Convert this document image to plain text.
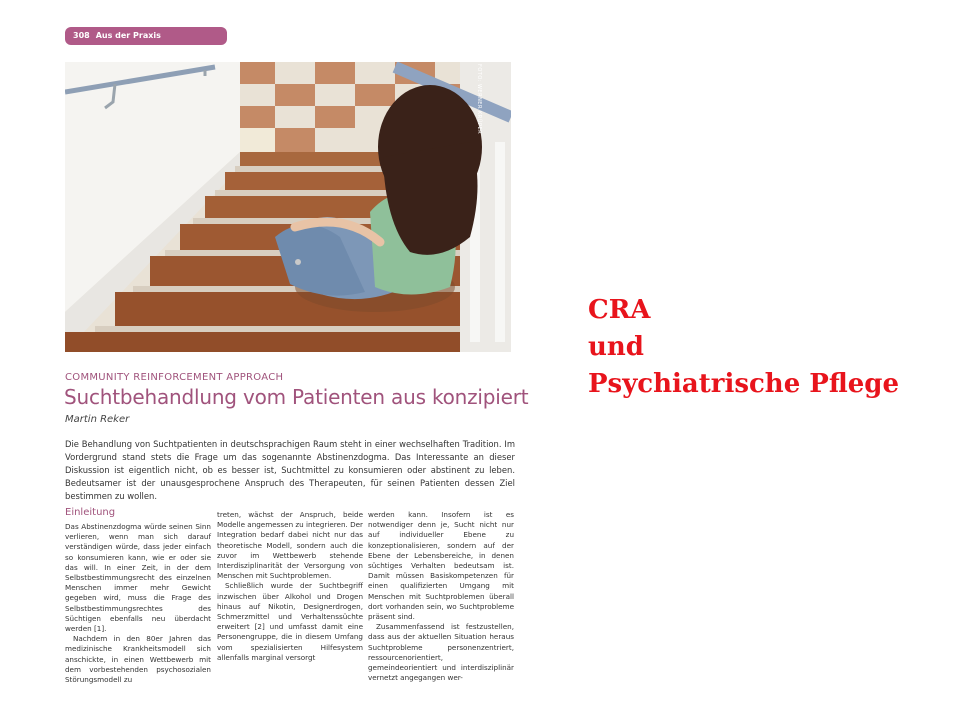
308 Aus der Praxis
FOTO: WERNER KRÜPER
COMMUNITY REINFORCEMENT APPROACH
Suchtbehandlung vom Patienten aus konzipiert
Martin Reker
Die Behandlung von Suchtpatienten in deutschsprachigen Raum steht in einer wechselhaften Tradition. Im Vordergrund stand stets die Frage um das sogenannte Abstinenzdogma. Das Interessante an dieser Diskussion ist eigentlich nicht, ob es besser ist, Suchtmittel zu konsumieren oder abstinent zu leben. Bedeutsamer ist der unausgesprochene Anspruch des Therapeuten, für seinen Patienten dessen Ziel bestimmen zu wollen.
Einleitung

Das Abstinenzdogma würde seinen Sinn verlieren, wenn man sich darauf verständigen würde, dass jeder einfach so konsumieren kann, wie er oder sie das will. In einer Zeit, in der dem Selbstbestimmungsrecht des einzelnen Menschen immer mehr Gewicht gegeben wird, muss die Frage des Selbstbestimmungsrechtes des Süchtigen ebenfalls neu überdacht werden [1].

Nachdem in den 80er Jahren das medizinische Krankheitsmodell sich anschickte, in einen Wettbewerb mit dem vorbestehenden psychosozialen Störungsmodell zu

treten, wächst der Anspruch, beide Modelle angemessen zu integrieren. Der Integration bedarf dabei nicht nur das theoretische Modell, sondern auch die zuvor im Wettbewerb stehende Interdisziplinarität der Versorgung von Menschen mit Suchtproblemen.

Schließlich wurde der Suchtbegriff inzwischen über Alkohol und Drogen hinaus auf Nikotin, Designerdrogen, Schmerzmittel und Verhaltenssüchte erweitert [2] und umfasst damit eine Personengruppe, die in diesem Umfang vom spezialisierten Hilfesystem allenfalls marginal versorgt

werden kann. Insofern ist es notwendiger denn je, Sucht nicht nur auf individueller Ebene zu konzeptionalisieren, sondern auf der Ebene der Lebensbereiche, in denen süchtiges Verhalten bedeutsam ist. Damit müssen Basiskompetenzen für einen qualifizierten Umgang mit Menschen mit Suchtproblemen überall dort vorhanden sein, wo Suchtprobleme präsent sind.

Zusammenfassend ist festzustellen, dass aus der aktuellen Situation heraus Suchtprobleme personenzentriert, ressourcenorientiert, gemeindeorientiert und interdisziplinär vernetzt angegangen wer-

CRA
und
Psychiatrische Pflege
